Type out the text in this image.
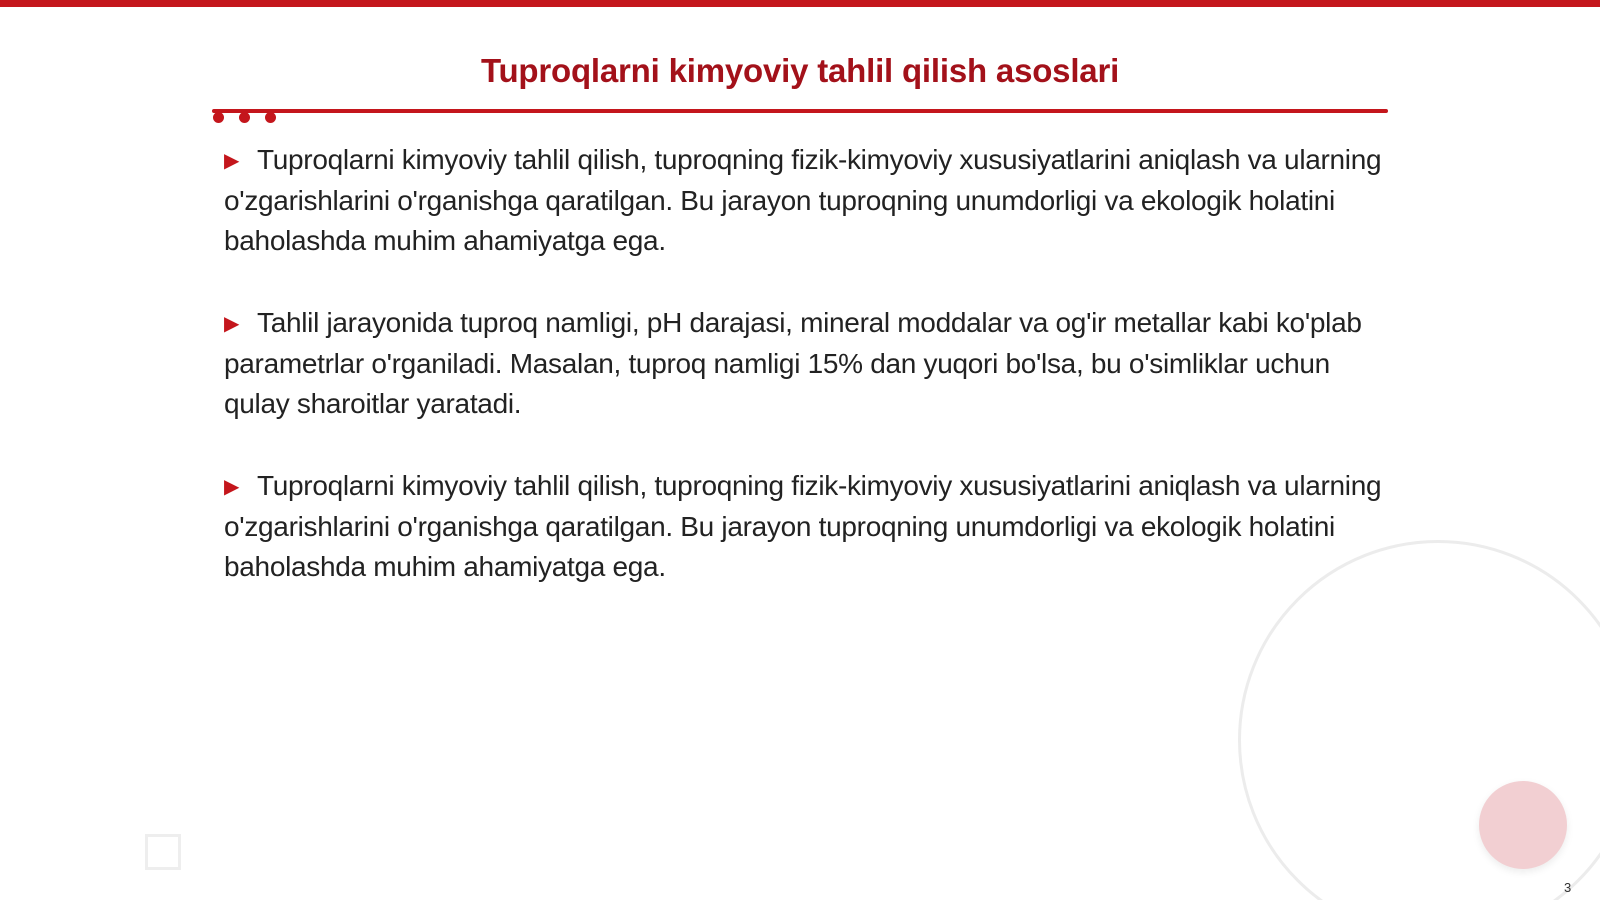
Tuproqlarni kimyoviy tahlil qilish asoslari

▶ Tuproqlarni kimyoviy tahlil qilish, tuproqning fizik-kimyoviy xususiyatlarini aniqlash va ularning o'zgarishlarini o'rganishga qaratilgan. Bu jarayon tuproqning unumdorligi va ekologik holatini baholashda muhim ahamiyatga ega.

▶ Tahlil jarayonida tuproq namligi, pH darajasi, mineral moddalar va og'ir metallar kabi ko'plab parametrlar o'rganiladi. Masalan, tuproq namligi 15% dan yuqori bo'lsa, bu o'simliklar uchun qulay sharoitlar yaratadi.

▶ Tuproqlarni kimyoviy tahlil qilish, tuproqning fizik-kimyoviy xususiyatlarini aniqlash va ularning o'zgarishlarini o'rganishga qaratilgan. Bu jarayon tuproqning unumdorligi va ekologik holatini baholashda muhim ahamiyatga ega.

3
